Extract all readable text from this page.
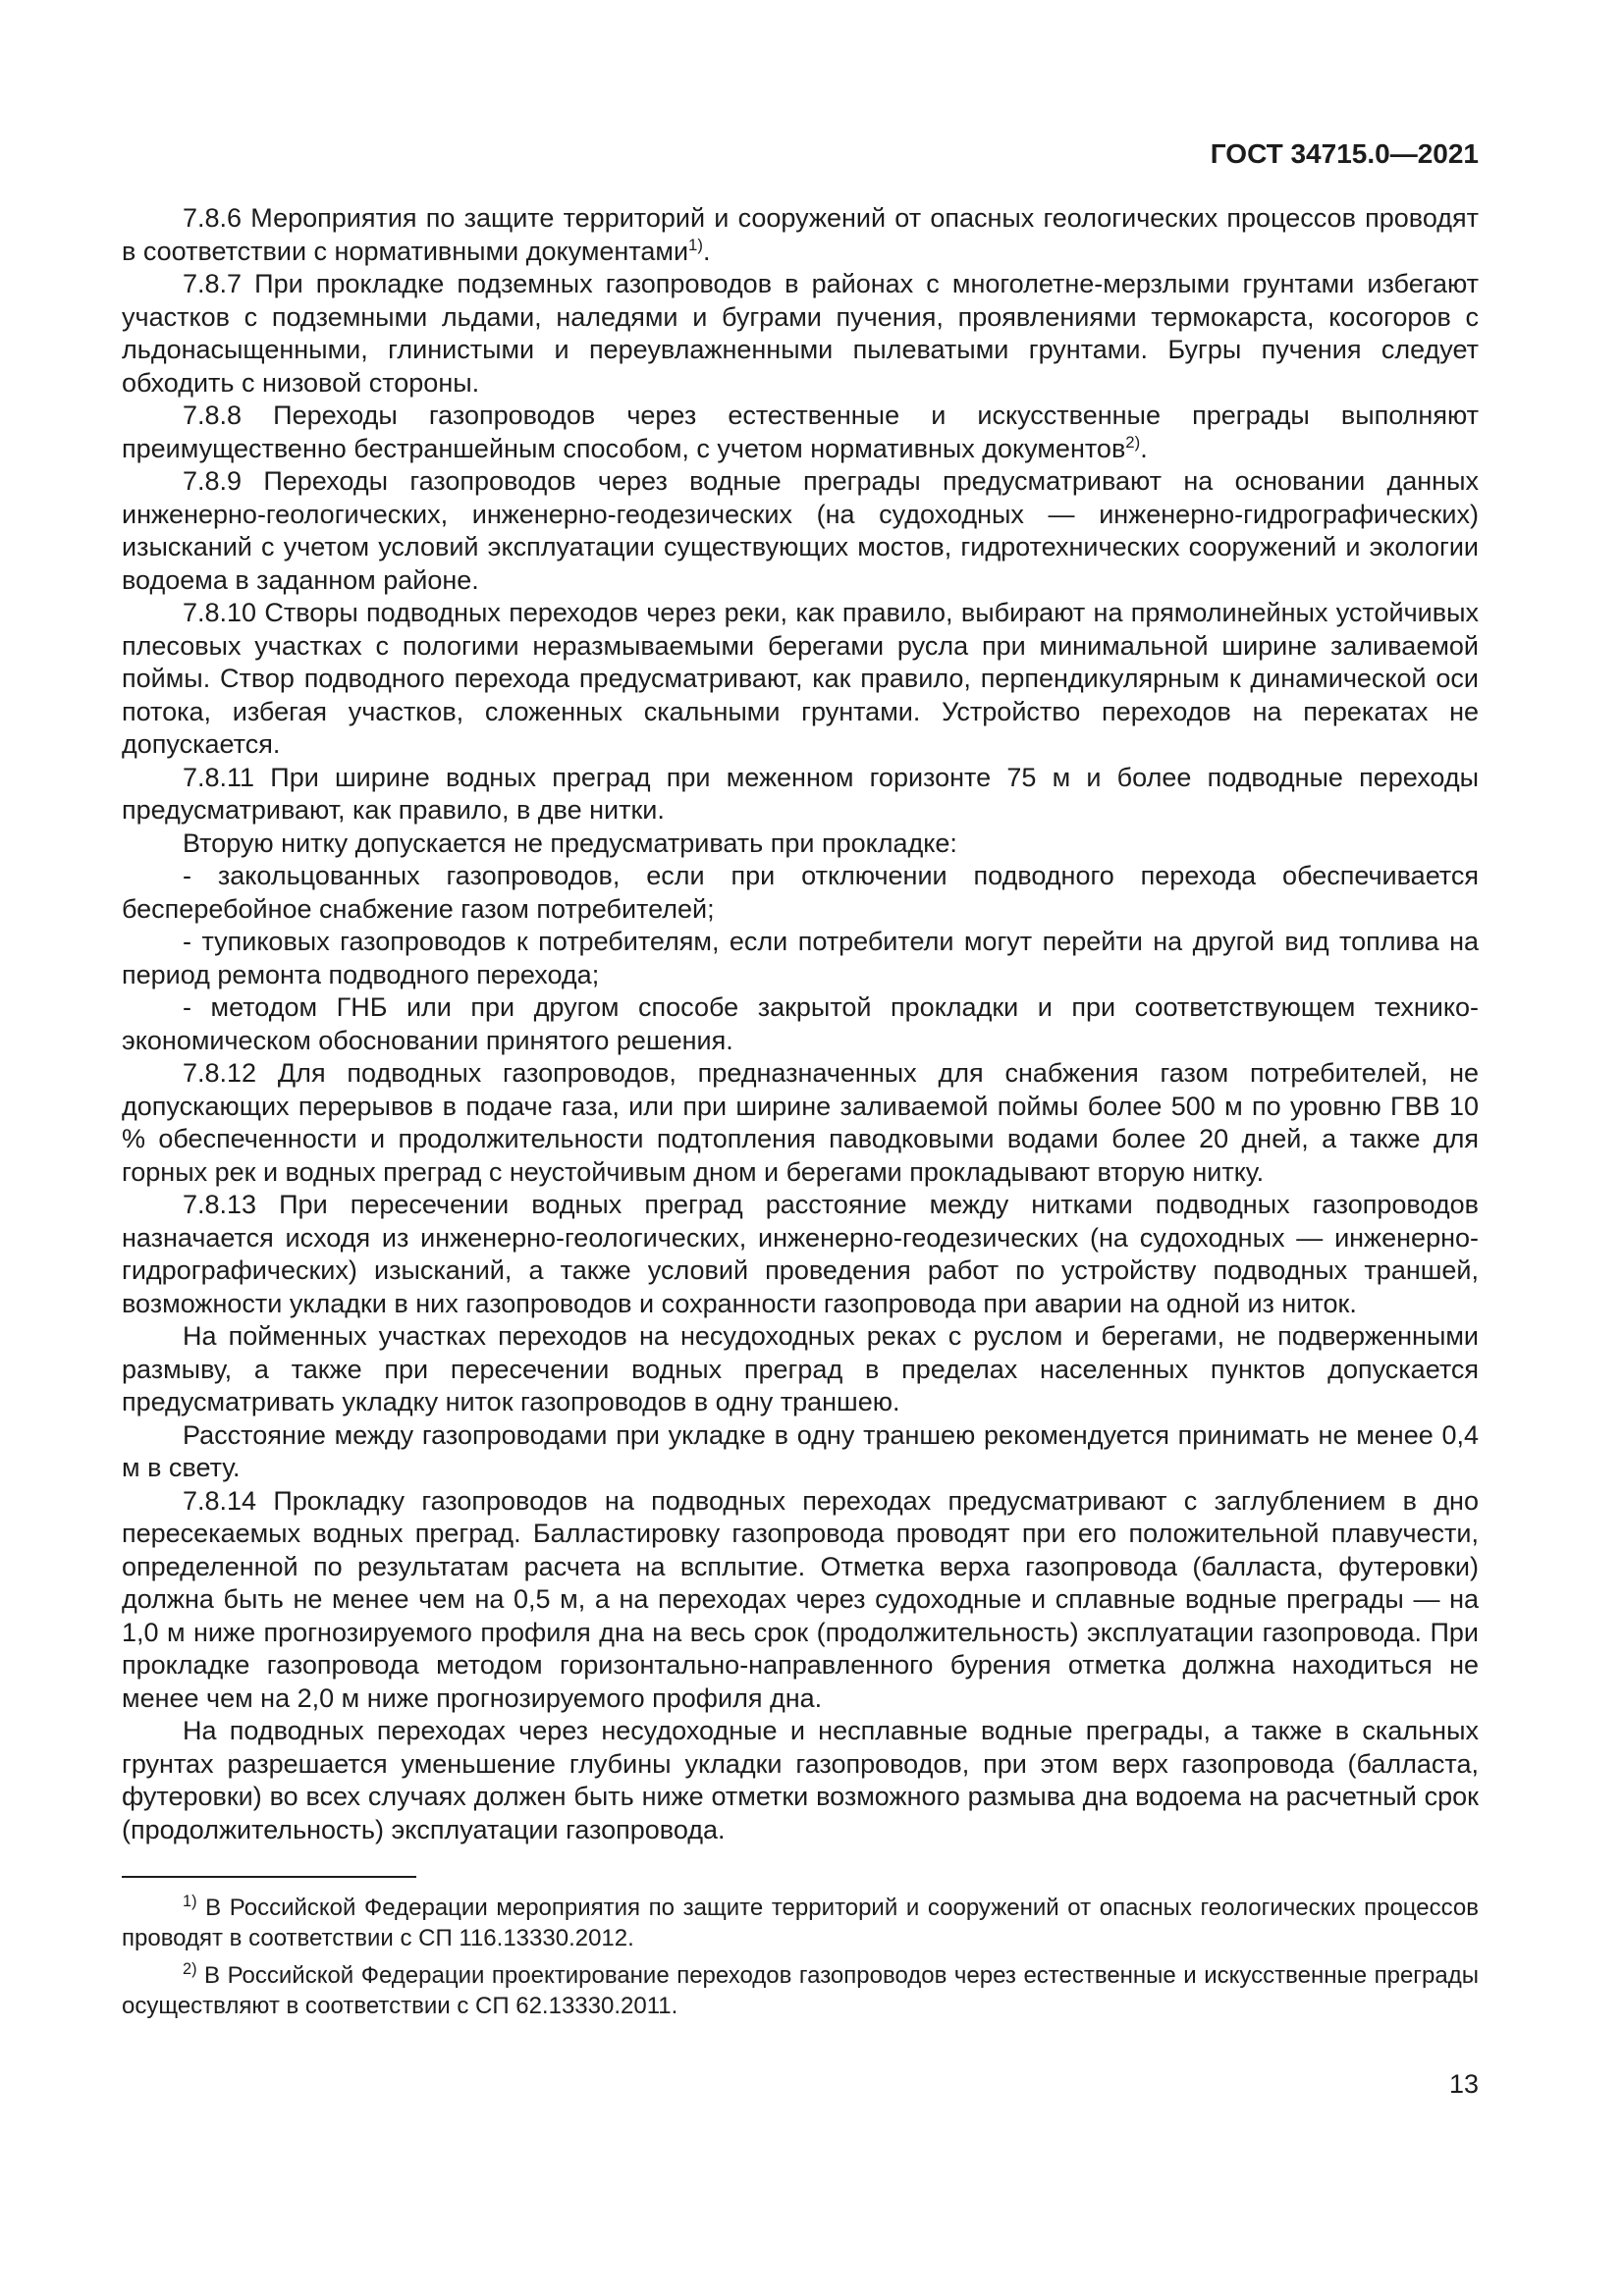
ГОСТ 34715.0—2021

7.8.6 Мероприятия по защите территорий и сооружений от опасных геологических процессов проводят в соответствии с нормативными документами$^{1)}$.

7.8.7 При прокладке подземных газопроводов в районах с многолетне-мерзлыми грунтами избегают участков с подземными льдами, наледями и буграми пучения, проявлениями термокарста, косогоров с льдонасыщенными, глинистыми и переувлажненными пылеватыми грунтами. Бугры пучения следует обходить с низовой стороны.

7.8.8 Переходы газопроводов через естественные и искусственные преграды выполняют преимущественно бестраншейным способом, с учетом нормативных документов$^{2)}$.

7.8.9 Переходы газопроводов через водные преграды предусматривают на основании данных инженерно-геологических, инженерно-геодезических (на судоходных — инженерно-гидрографических) изысканий с учетом условий эксплуатации существующих мостов, гидротехнических сооружений и экологии водоема в заданном районе.

7.8.10 Створы подводных переходов через реки, как правило, выбирают на прямолинейных устойчивых плесовых участках с пологими неразмываемыми берегами русла при минимальной ширине заливаемой поймы. Створ подводного перехода предусматривают, как правило, перпендикулярным к динамической оси потока, избегая участков, сложенных скальными грунтами. Устройство переходов на перекатах не допускается.

7.8.11 При ширине водных преград при меженном горизонте 75 м и более подводные переходы предусматривают, как правило, в две нитки.

Вторую нитку допускается не предусматривать при прокладке:

- закольцованных газопроводов, если при отключении подводного перехода обеспечивается бесперебойное снабжение газом потребителей;

- тупиковых газопроводов к потребителям, если потребители могут перейти на другой вид топлива на период ремонта подводного перехода;

- методом ГНБ или при другом способе закрытой прокладки и при соответствующем технико-экономическом обосновании принятого решения.

7.8.12 Для подводных газопроводов, предназначенных для снабжения газом потребителей, не допускающих перерывов в подаче газа, или при ширине заливаемой поймы более 500 м по уровню ГВВ 10 % обеспеченности и продолжительности подтопления паводковыми водами более 20 дней, а также для горных рек и водных преград с неустойчивым дном и берегами прокладывают вторую нитку.

7.8.13 При пересечении водных преград расстояние между нитками подводных газопроводов назначается исходя из инженерно-геологических, инженерно-геодезических (на судоходных — инженерно-гидрографических) изысканий, а также условий проведения работ по устройству подводных траншей, возможности укладки в них газопроводов и сохранности газопровода при аварии на одной из ниток.

На пойменных участках переходов на несудоходных реках с руслом и берегами, не подверженными размыву, а также при пересечении водных преград в пределах населенных пунктов допускается предусматривать укладку ниток газопроводов в одну траншею.

Расстояние между газопроводами при укладке в одну траншею рекомендуется принимать не менее 0,4 м в свету.

7.8.14 Прокладку газопроводов на подводных переходах предусматривают с заглублением в дно пересекаемых водных преград. Балластировку газопровода проводят при его положительной плавучести, определенной по результатам расчета на всплытие. Отметка верха газопровода (балласта, футеровки) должна быть не менее чем на 0,5 м, а на переходах через судоходные и сплавные водные преграды — на 1,0 м ниже прогнозируемого профиля дна на весь срок (продолжительность) эксплуатации газопровода. При прокладке газопровода методом горизонтально-направленного бурения отметка должна находиться не менее чем на 2,0 м ниже прогнозируемого профиля дна.

На подводных переходах через несудоходные и несплавные водные преграды, а также в скальных грунтах разрешается уменьшение глубины укладки газопроводов, при этом верх газопровода (балласта, футеровки) во всех случаях должен быть ниже отметки возможного размыва дна водоема на расчетный срок (продолжительность) эксплуатации газопровода.

$^{1)}$ В Российской Федерации мероприятия по защите территорий и сооружений от опасных геологических процессов проводят в соответствии с СП 116.13330.2012.

$^{2)}$ В Российской Федерации проектирование переходов газопроводов через естественные и искусственные преграды осуществляют в соответствии с СП 62.13330.2011.

13
